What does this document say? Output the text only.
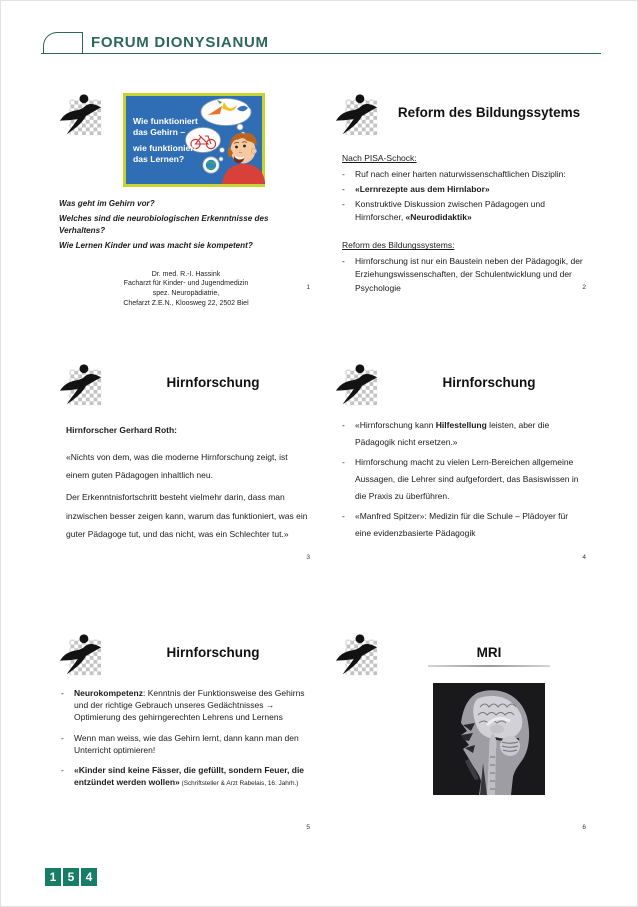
FORUM DIONYSIANUM
Was geht im Gehirn vor?
Welches sind die neurobiologischen Erkenntnisse des Verhaltens?
Wie Lernen Kinder und was macht sie kompetent?
Dr. med. R.-I. Hassink
Facharzt für Kinder- und Jugendmedizin
spez. Neuropädiatrie,
Chefarzt Z.E.N., Kloosweg 22, 2502 Biel
1
Reform des Bildungssytems
Nach PISA-Schock:
-	Ruf nach einer harten naturwissenschaftlichen Disziplin:
-	«Lernrezepte aus dem Hirnlabor»
-	Konstruktive Diskussion zwischen Pädagogen und Hirnforscher, «Neurodidaktik»
Reform des Bildungssystems:
-	Hirnforschung ist nur ein Baustein neben der Pädagogik, der Erziehungswissenschaften, der Schulentwicklung und der Psychologie	2
Hirnforschung
Hirnforscher Gerhard Roth:
«Nichts von dem, was die moderne Hirnforschung zeigt, ist einem guten Pädagogen inhaltlich neu.
Der Erkenntnisfortschritt besteht vielmehr darin, dass man inzwischen besser zeigen kann, warum das funktioniert, was ein guter Pädagoge tut, und das nicht, was ein Schlechter tut.»
3
Hirnforschung
-	«Hirnforschung kann Hilfestellung leisten, aber die Pädagogik nicht ersetzen.»
-	Hirnforschung macht zu vielen Lern-Bereichen allgemeine Aussagen, die Lehrer sind aufgefordert, das Basiswissen in die Praxis zu überführen.
-	«Manfred Spitzer»: Medizin für die Schule – Plädoyer für eine evidenzbasierte Pädagogik
4
Hirnforschung
-	Neurokompetenz: Kenntnis der Funktionsweise des Gehirns und der richtige Gebrauch unseres Gedächtnisses → Optimierung des gehirngerechten Lehrens und Lernens
-	Wenn man weiss, wie das Gehirn lernt, dann kann man den Unterricht optimieren!
-	«Kinder sind keine Fässer, die gefüllt, sondern Feuer, die entzündet werden wollen» (Schriftsteller & Arzt Rabelais, 16. Jahrh.)
5
MRI
6
1 5 4
